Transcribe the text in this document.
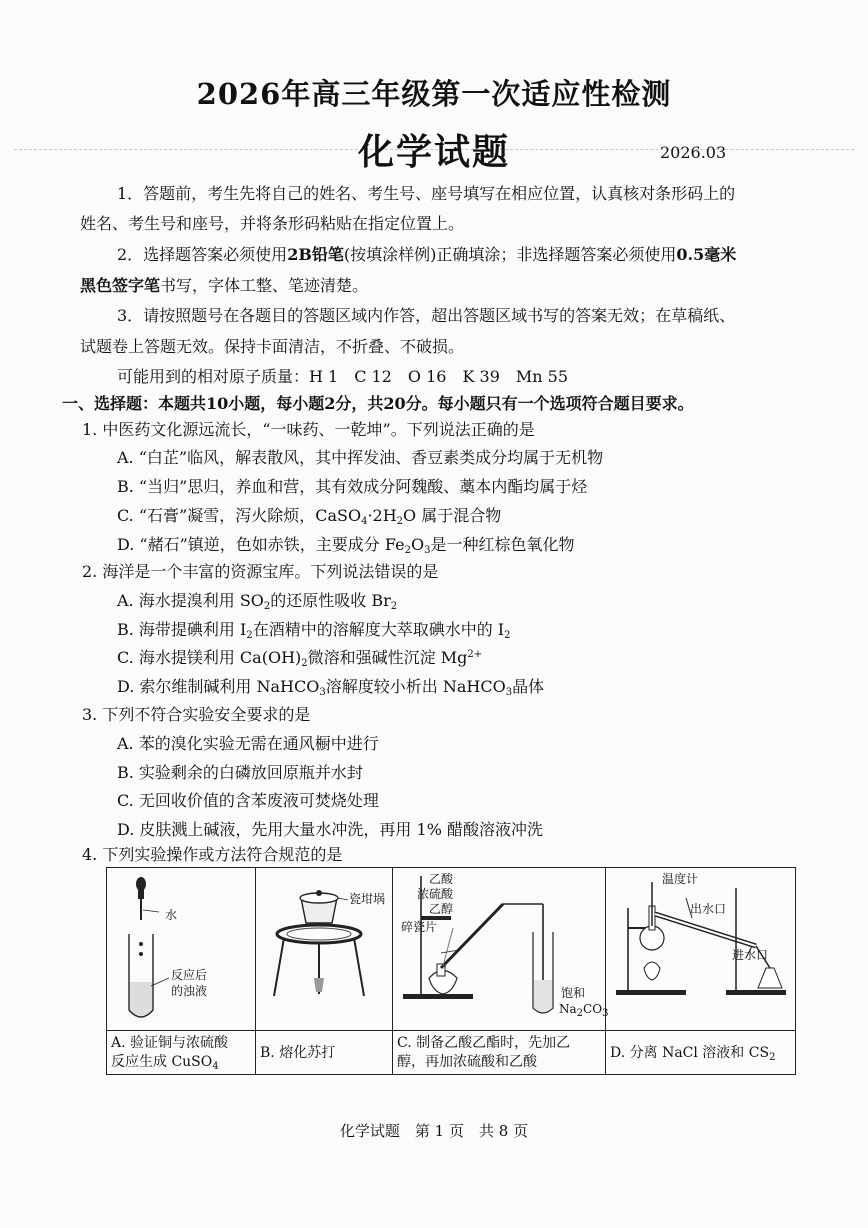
2026年高三年级第一次适应性检测
化学试题	2026.03
1．答题前，考生先将自己的姓名、考生号、座号填写在相应位置，认真核对条形码上的
姓名、考生号和座号，并将条形码粘贴在指定位置上。
2．选择题答案必须使用2B铅笔(按填涂样例)正确填涂；非选择题答案必须使用0.5毫米
黑色签字笔书写，字体工整、笔迹清楚。
3．请按照题号在各题目的答题区域内作答，超出答题区域书写的答案无效；在草稿纸、
试题卷上答题无效。保持卡面清洁，不折叠、不破损。
可能用到的相对原子质量：H 1　C 12　O 16　K 39　Mn 55
一、选择题：本题共10小题，每小题2分，共20分。每小题只有一个选项符合题目要求。
1. 中医药文化源远流长，“一味药、一乾坤”。下列说法正确的是
A. “白芷”临风，解表散风，其中挥发油、香豆素类成分均属于无机物
B. “当归”思归，养血和营，其有效成分阿魏酸、藁本内酯均属于烃
C. “石膏”凝雪，泻火除烦，$CaSO_4\cdot 2H_2O$ 属于混合物
D. “赭石”镇逆，色如赤铁，主要成分 $Fe_2O_3$是一种红棕色氧化物
2. 海洋是一个丰富的资源宝库。下列说法错误的是
A. 海水提溴利用 $SO_2$的还原性吸收 $Br_2$
B. 海带提碘利用 $I_2$在酒精中的溶解度大萃取碘水中的 $I_2$
C. 海水提镁利用 $Ca(OH)_2$微溶和强碱性沉淀 $Mg^{2+}$
D. 索尔维制碱利用 NaHCO$_3$溶解度较小析出 NaHCO$_3$晶体
3. 下列不符合实验安全要求的是
A. 苯的溴化实验无需在通风橱中进行
B. 实验剩余的白磷放回原瓶并水封
C. 无回收价值的含苯废液可焚烧处理
D. 皮肤溅上碱液，先用大量水冲洗，再用 1% 醋酸溶液冲洗
4. 下列实验操作或方法符合规范的是
水
反应后
的浊液
A. 验证铜与浓硫酸
反应生成 CuSO$_4$
瓷坩埚
B. 熔化苏打
乙酸
浓硫酸
乙醇
碎瓷片
饱和
$Na_2CO_3$
C. 制备乙酸乙酯时，先加乙
醇，再加浓硫酸和乙酸
温度计
出水口
进水口
D. 分离 NaCl 溶液和 $CS_2$
化学试题　第 1 页　共 8 页
